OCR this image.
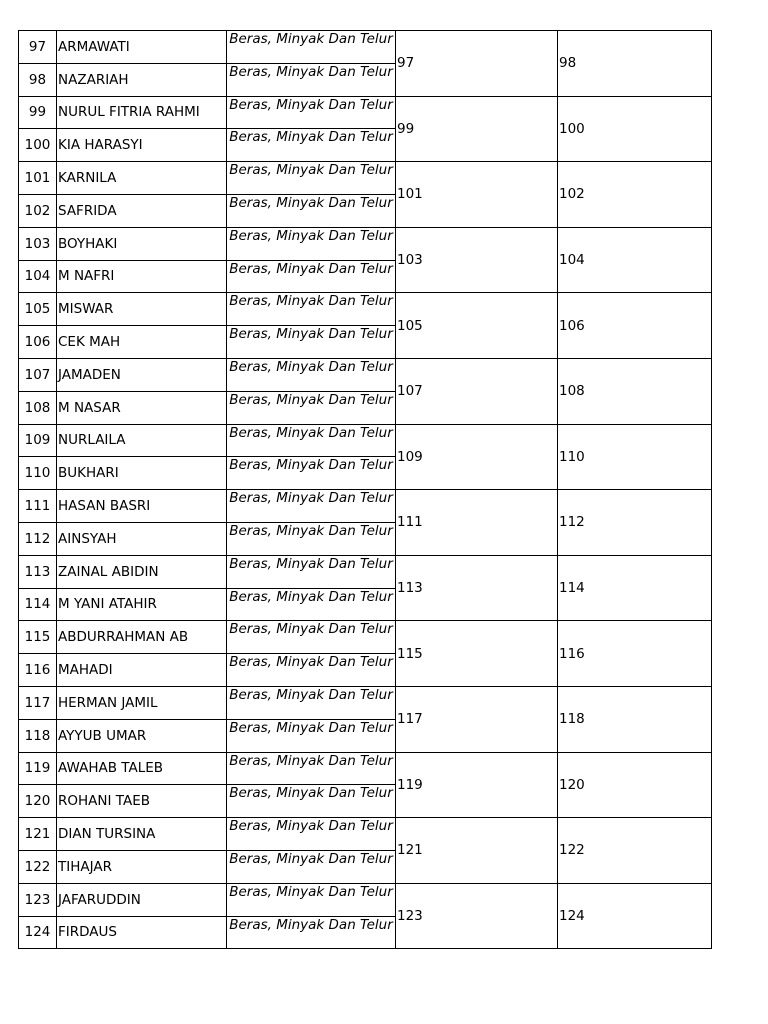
97	ARMAWATI	Beras, Minyak Dan Telur	97	98
98	NAZARIAH	Beras, Minyak Dan Telur		
99	NURUL FITRIA RAHMI	Beras, Minyak Dan Telur	99	100
100	KIA HARASYI	Beras, Minyak Dan Telur		
101	KARNILA	Beras, Minyak Dan Telur	101	102
102	SAFRIDA	Beras, Minyak Dan Telur		
103	BOYHAKI	Beras, Minyak Dan Telur	103	104
104	M NAFRI	Beras, Minyak Dan Telur		
105	MISWAR	Beras, Minyak Dan Telur	105	106
106	CEK MAH	Beras, Minyak Dan Telur		
107	JAMADEN	Beras, Minyak Dan Telur	107	108
108	M NASAR	Beras, Minyak Dan Telur		
109	NURLAILA	Beras, Minyak Dan Telur	109	110
110	BUKHARI	Beras, Minyak Dan Telur		
111	HASAN BASRI	Beras, Minyak Dan Telur	111	112
112	AINSYAH	Beras, Minyak Dan Telur		
113	ZAINAL ABIDIN	Beras, Minyak Dan Telur	113	114
114	M YANI ATAHIR	Beras, Minyak Dan Telur		
115	ABDURRAHMAN AB	Beras, Minyak Dan Telur	115	116
116	MAHADI	Beras, Minyak Dan Telur		
117	HERMAN JAMIL	Beras, Minyak Dan Telur	117	118
118	AYYUB UMAR	Beras, Minyak Dan Telur		
119	AWAHAB TALEB	Beras, Minyak Dan Telur	119	120
120	ROHANI TAEB	Beras, Minyak Dan Telur		
121	DIAN TURSINA	Beras, Minyak Dan Telur	121	122
122	TIHAJAR	Beras, Minyak Dan Telur		
123	JAFARUDDIN	Beras, Minyak Dan Telur	123	124
124	FIRDAUS	Beras, Minyak Dan Telur		
